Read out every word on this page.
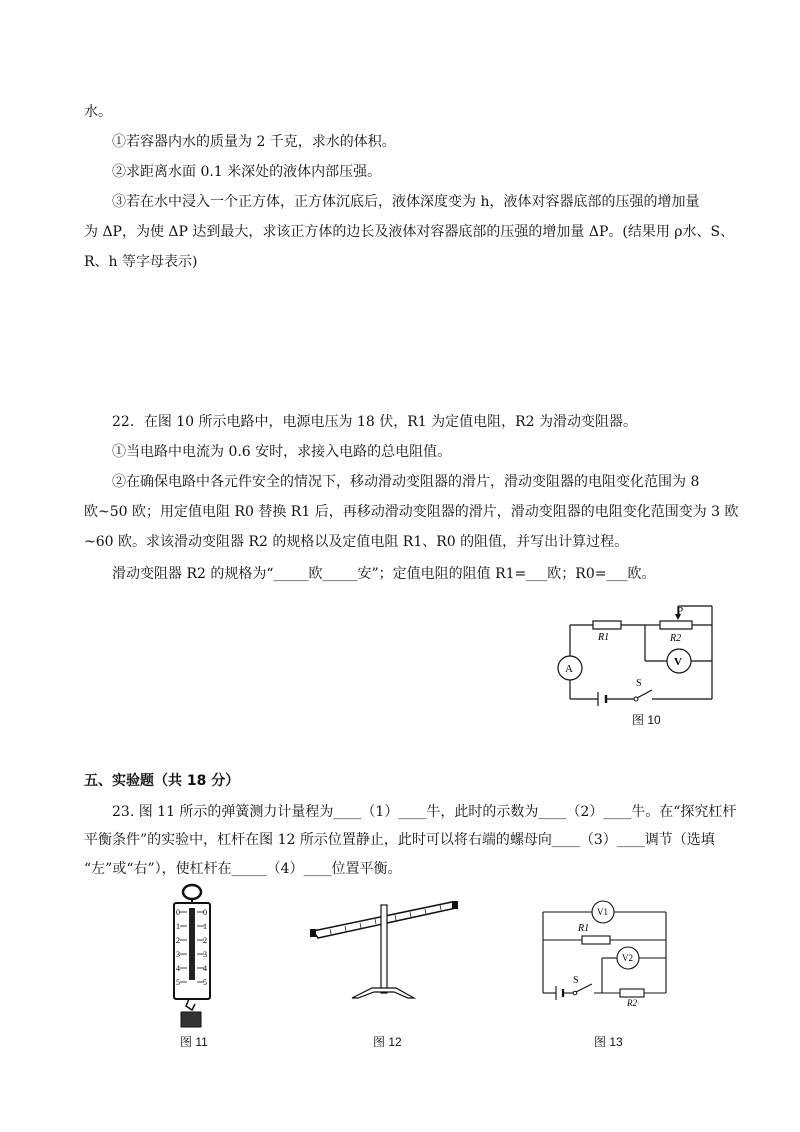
水。
①若容器内水的质量为 2 千克，求水的体积。
②求距离水面 0.1 米深处的液体内部压强。
③若在水中浸入一个正方体，正方体沉底后，液体深度变为 h，液体对容器底部的压强的增加量
为 ΔP，为使 ΔP 达到最大，求该正方体的边长及液体对容器底部的压强的增加量 ΔP。(结果用 ρ水、S、
R、h 等字母表示)
22．在图 10 所示电路中，电源电压为 18 伏，R1 为定值电阻，R2 为滑动变阻器。
①当电路中电流为 0.6 安时，求接入电路的总电阻值。
②在确保电路中各元件安全的情况下，移动滑动变阻器的滑片，滑动变阻器的电阻变化范围为 8
欧~50 欧；用定值电阻 R0 替换 R1 后，再移动滑动变阻器的滑片，滑动变阻器的电阻变化范围变为 3 欧
~60 欧。求该滑动变阻器 R2 的规格以及定值电阻 R1、R0 的阻值，并写出计算过程。
滑动变阻器 R2 的规格为“_____欧_____安”；定值电阻的阻值 R1=___欧；R0=___欧。
P
R1	R2
A
V
S
图 10
五、实验题（共 18 分）
23. 图 11 所示的弹簧测力计量程为____（1）____牛，此时的示数为____（2）____牛。在“探究杠杆
平衡条件”的实验中，杠杆在图 12 所示位置静止，此时可以将右端的螺母向____（3）____调节（选填
“左”或“右”），使杠杆在_____（4）____位置平衡。
0
1
2
3
4
5
0
1
2
3
4
5
图 11	图 12
V1
V2
R1
R2
S
图 13
